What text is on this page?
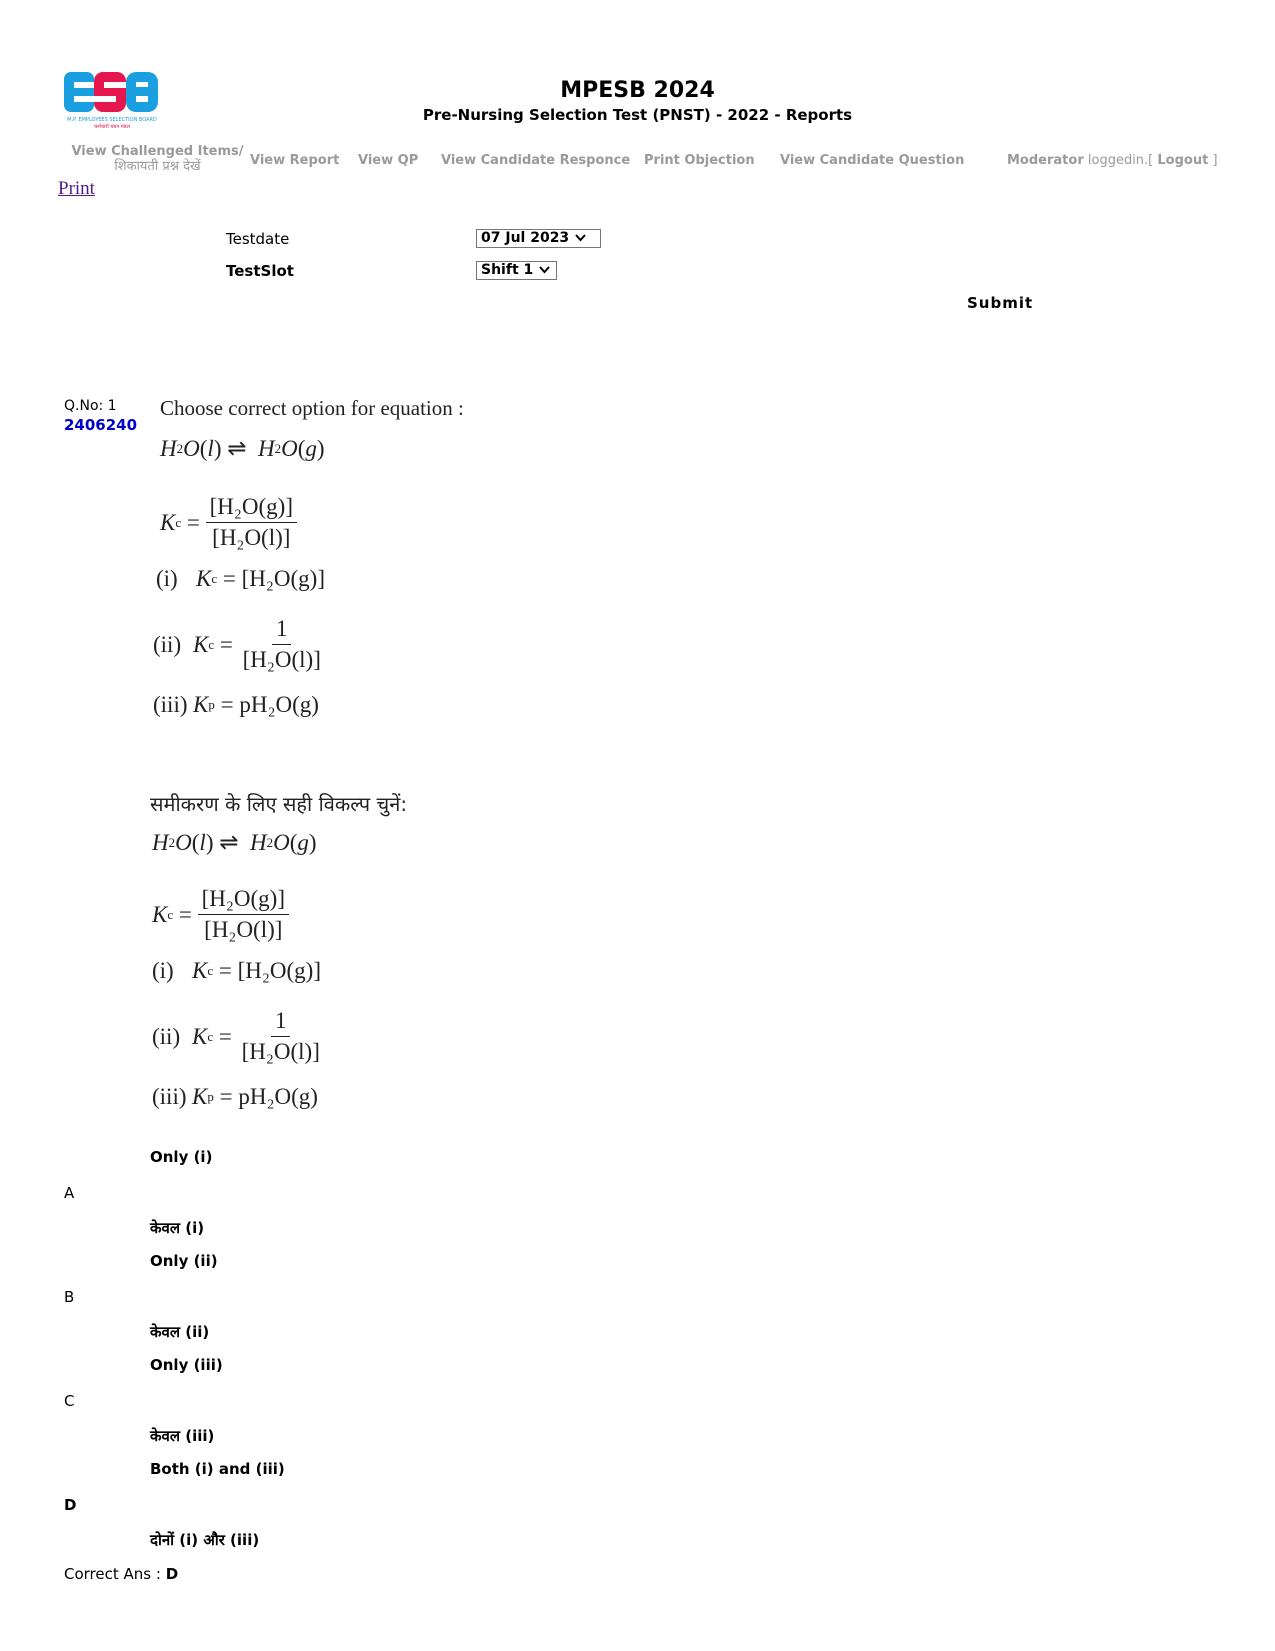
M.P. EMPLOYEES SELECTION BOARD
कर्मचारी चयन मंडल
MPESB 2024
Pre-Nursing Selection Test (PNST) - 2022 - Reports
View Challenged Items/
शिकायती प्रश्न देखें	View Report View QP View Candidate Responce Print Objection View Candidate Question	Moderator loggedin.[ Logout ]
Print
Testdate	07 Jul 2023
TestSlot	Shift 1
Submit
Q.No: 1
2406240
Choose correct option for equation :
H 2 O ( l ) ⇌ H 2 O ( g )
K $c = \frac{\text{[H₂O(g)]}}{\text{[H₂O(l)]}}$
(i) K c = [H₂O(g)]
(ii) K $c = \frac{1}{\text{[H₂O(l)]}}$
(iii) K p = pH₂O(g)
समीकरण के लिए सही विकल्प चुनें:
H 2 O ( l ) ⇌ H 2 O ( g )
K $c = \frac{\text{[H₂O(g)]}}{\text{[H₂O(l)]}}$
(i) K c = [H₂O(g)]
(ii) K $c = \frac{1}{\text{[H₂O(l)]}}$
(iii) K p = pH₂O(g)
Only (i)
A
केवल (i)
Only (ii)
B
केवल (ii)
Only (iii)
C
केवल (iii)
Both (i) and (iii)
D
दोनों (i) और (iii)
Correct Ans : D
